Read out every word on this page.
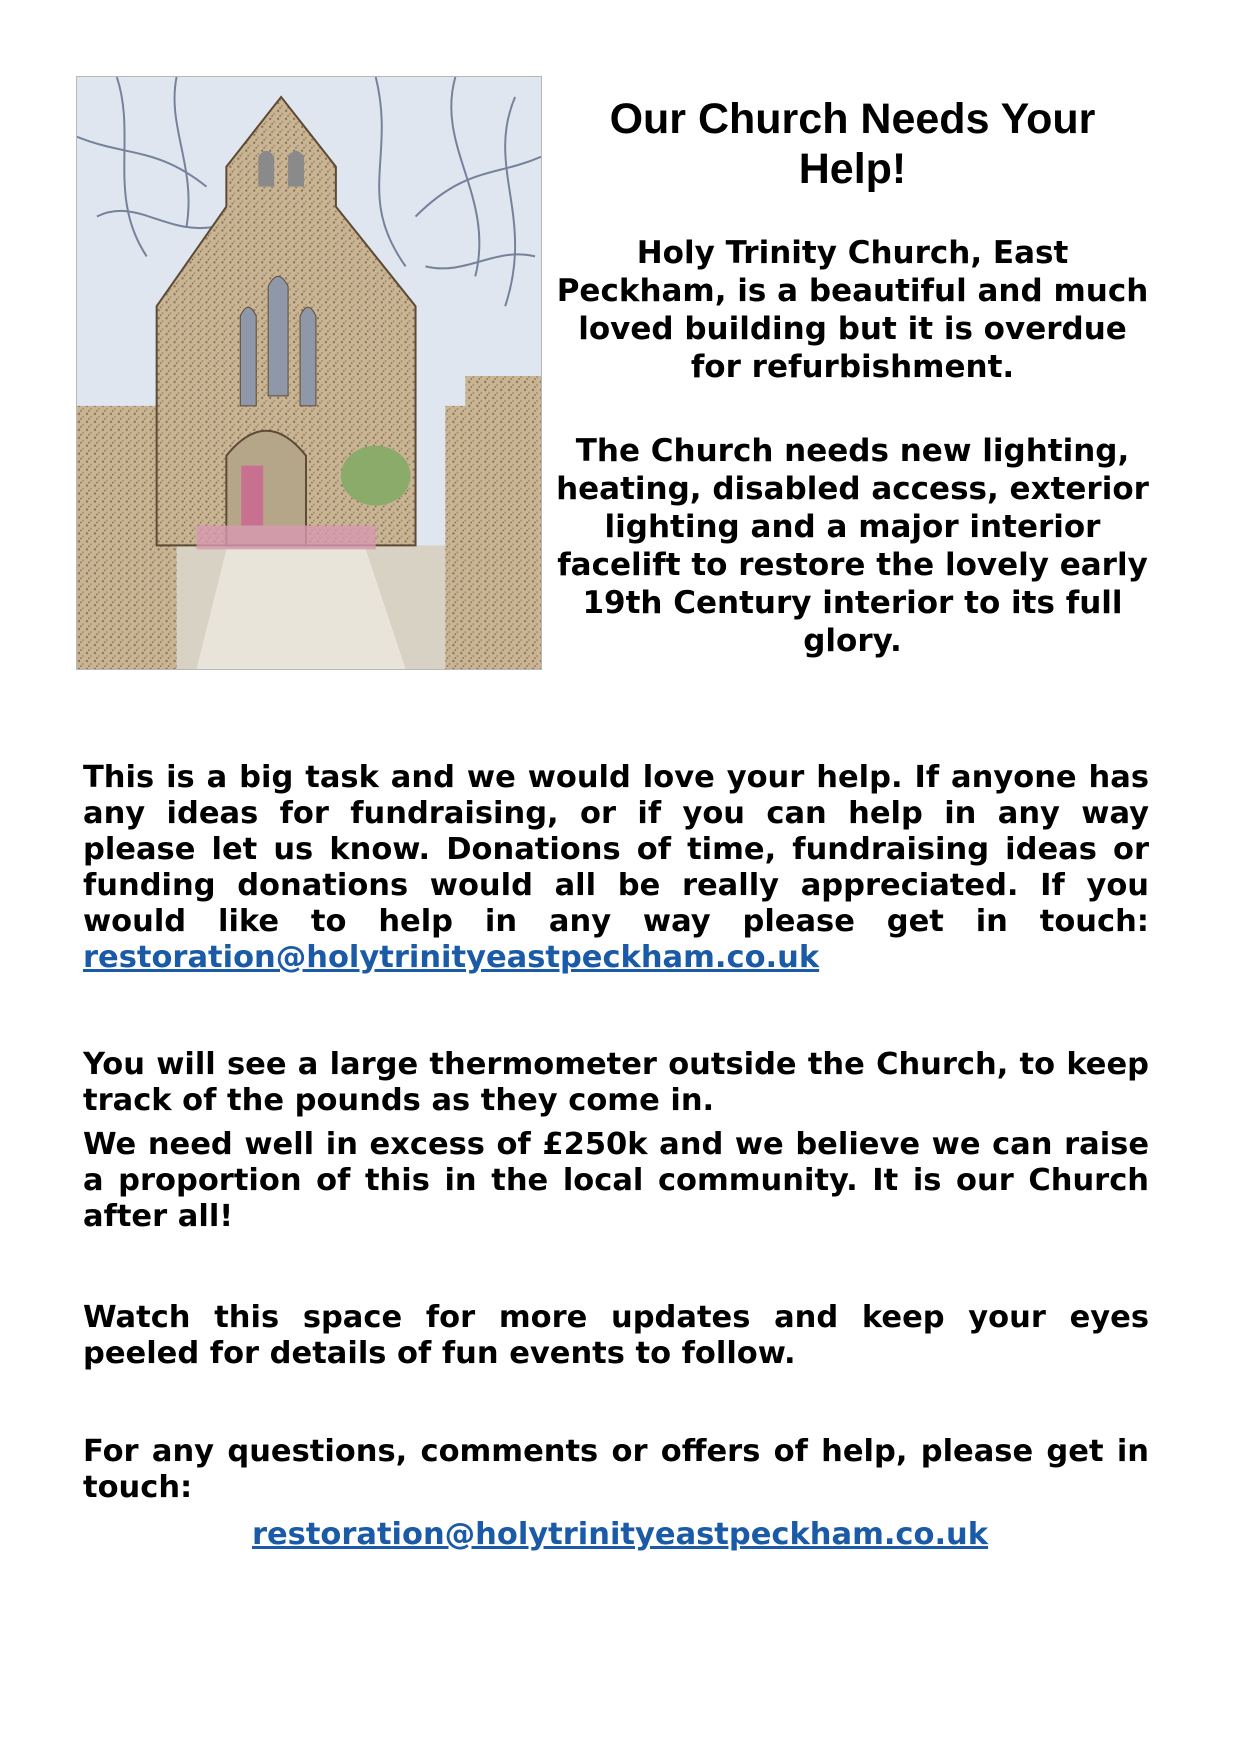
Our Church Needs Your Help!

Holy Trinity Church, East Peckham, is a beautiful and much loved building but it is overdue for refurbishment.

The Church needs new lighting, heating, disabled access, exterior lighting and a major interior facelift to restore the lovely early 19th Century interior to its full glory.

This is a big task and we would love your help. If anyone has any ideas for fundraising, or if you can help in any way please let us know. Donations of time, fundraising ideas or funding donations would all be really appreciated. If you would like to help in any way please get in touch: restoration@holytrinityeastpeckham.co.uk

You will see a large thermometer outside the Church, to keep track of the pounds as they come in.

We need well in excess of £250k and we believe we can raise a proportion of this in the local community. It is our Church after all!

Watch this space for more updates and keep your eyes peeled for details of fun events to follow.

For any questions, comments or offers of help, please get in touch:

restoration@holytrinityeastpeckham.co.uk
